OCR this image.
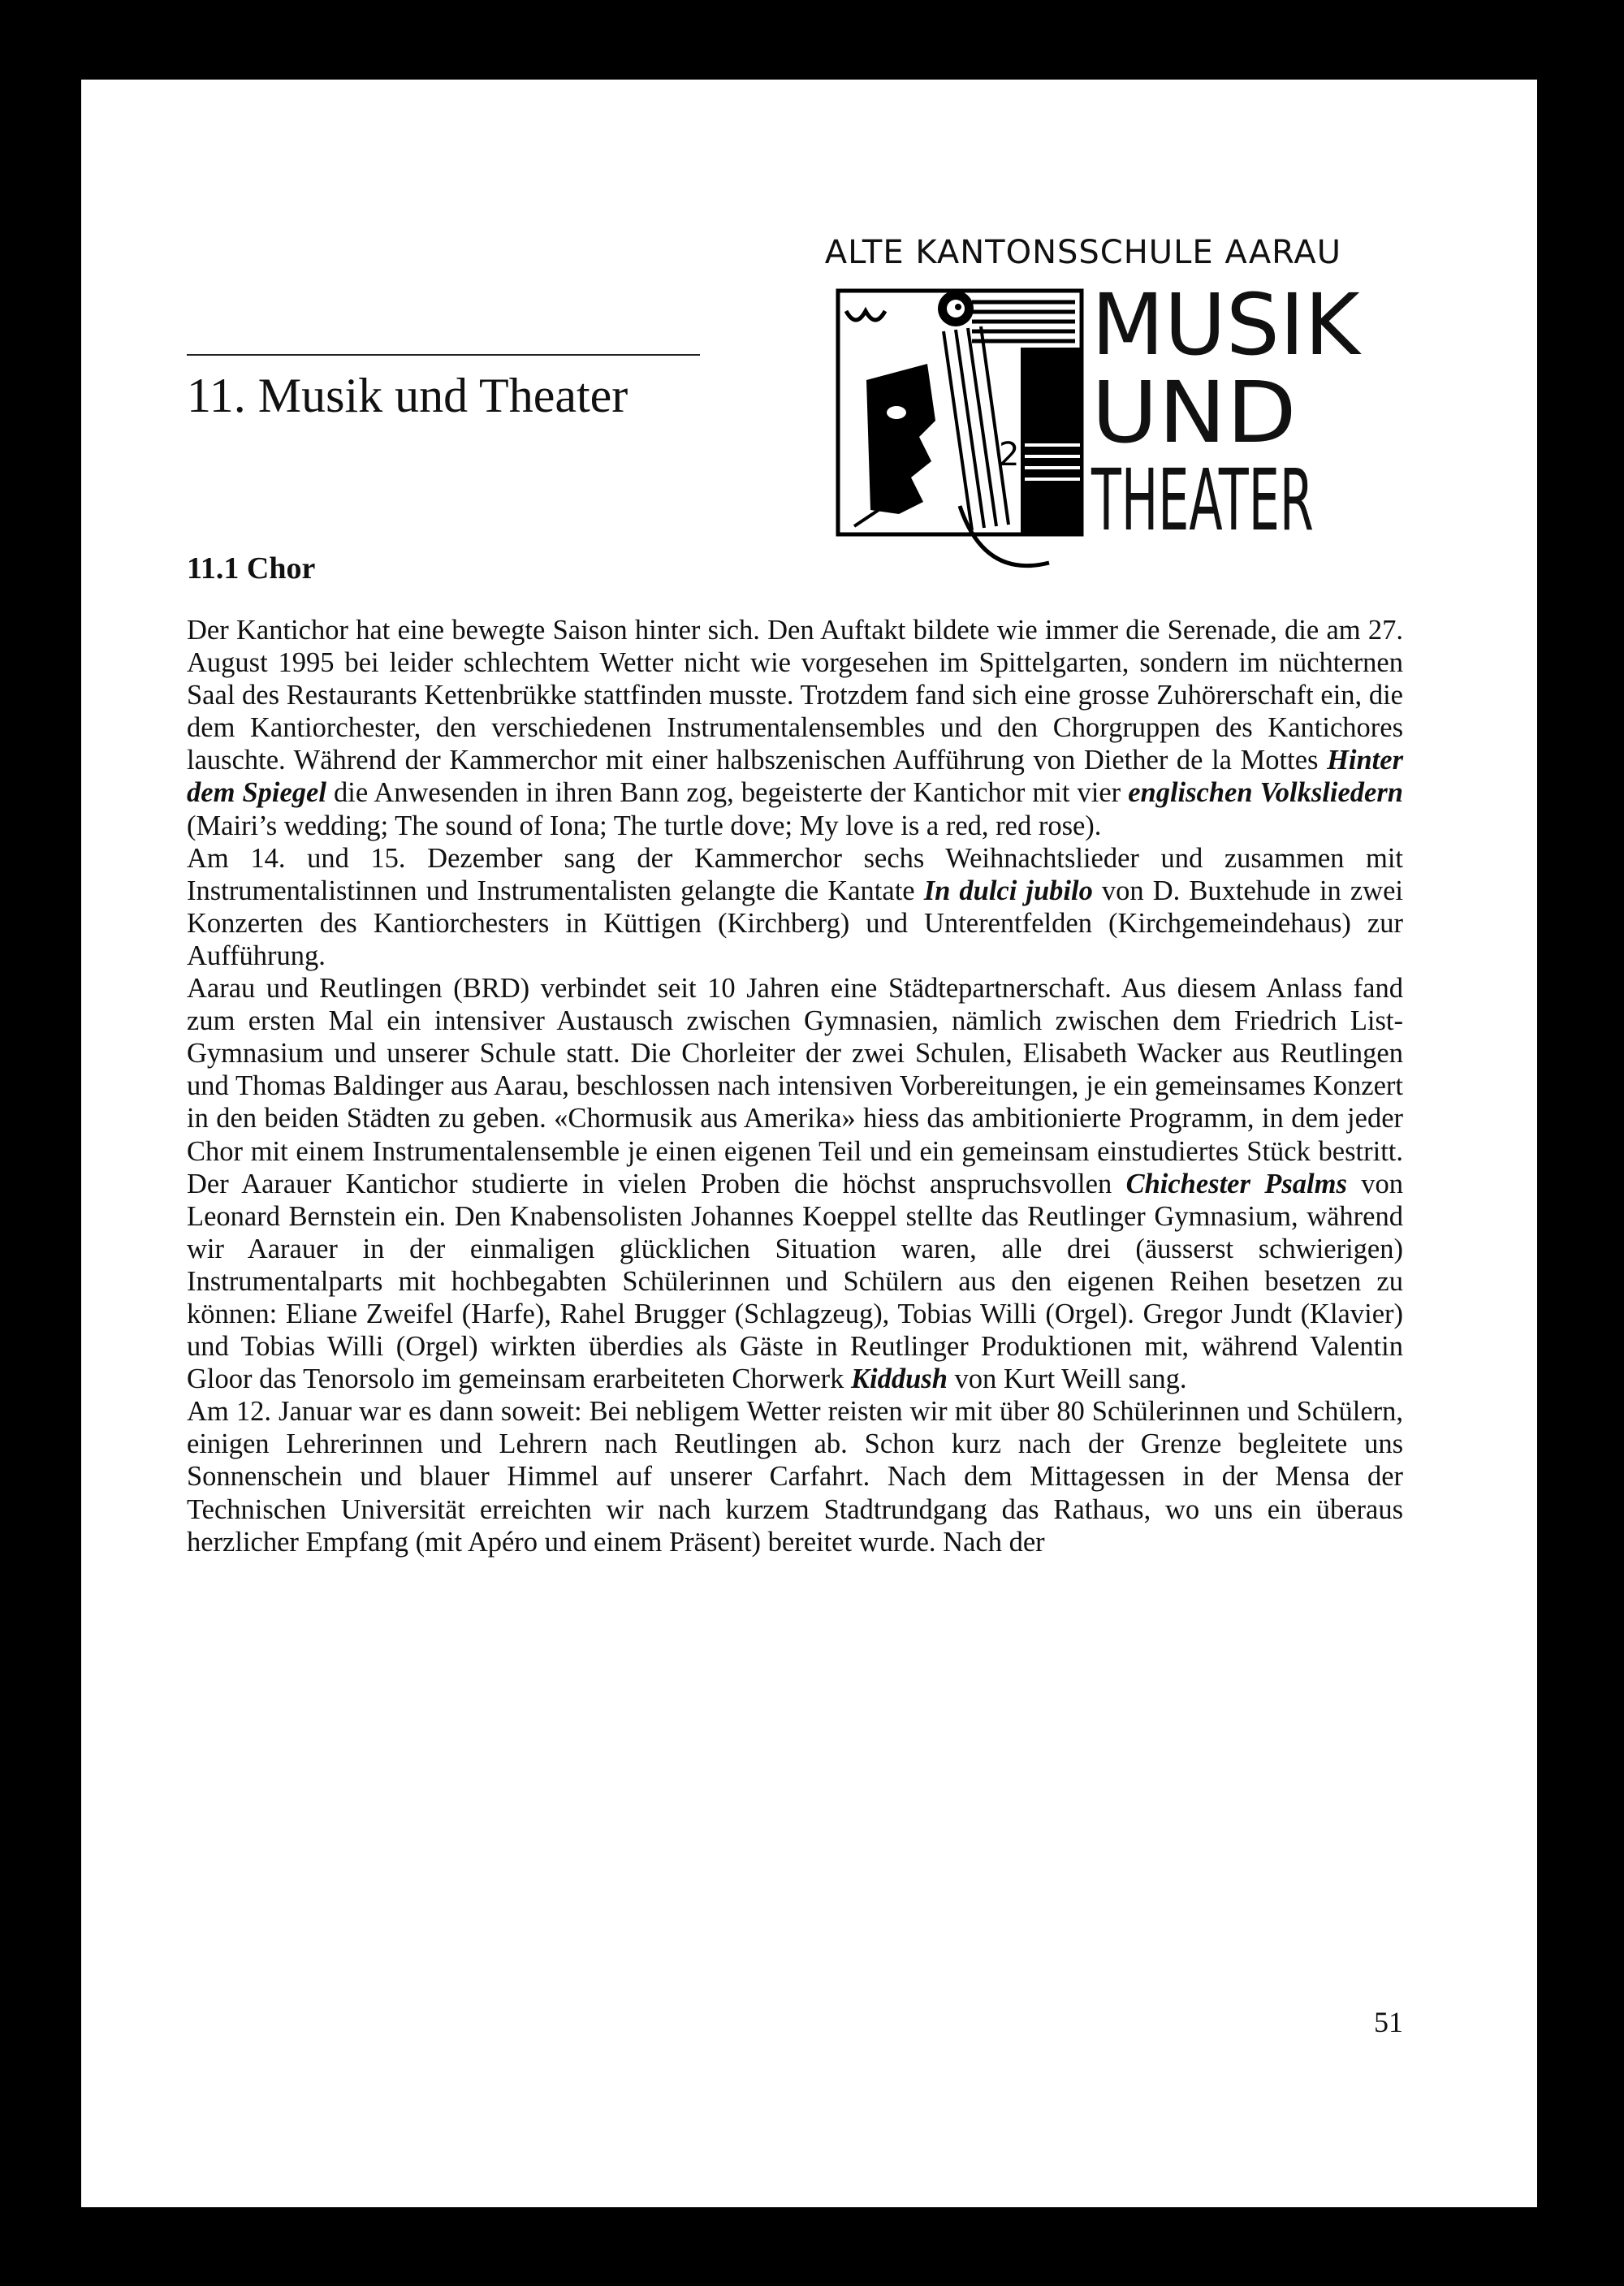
11. Musik und Theater
ALTE KANTONSSCHULE AARAU
2
MUSIK
UND
THEATER
11.1 Chor

Der Kantichor hat eine bewegte Saison hinter sich. Den Auftakt bildete wie immer die Serenade, die am 27. August 1995 bei leider schlechtem Wetter nicht wie vorgesehen im Spittelgarten, sondern im nüchternen Saal des Restaurants Kettenbrükke stattfinden musste. Trotzdem fand sich eine grosse Zuhörerschaft ein, die dem Kantiorchester, den verschiedenen Instrumentalensembles und den Chorgruppen des Kantichores lauschte. Während der Kammerchor mit einer halbszenischen Aufführung von Diether de la Mottes Hinter dem Spiegel die Anwesenden in ihren Bann zog, begeisterte der Kantichor mit vier englischen Volksliedern (Mairi’s wedding; The sound of Iona; The turtle dove; My love is a red, red rose).

Am 14. und 15. Dezember sang der Kammerchor sechs Weihnachtslieder und zusammen mit Instrumentalistinnen und Instrumentalisten gelangte die Kantate In dulci jubilo von D. Buxtehude in zwei Konzerten des Kantiorchesters in Küttigen (Kirchberg) und Unterentfelden (Kirchgemeindehaus) zur Aufführung.

Aarau und Reutlingen (BRD) verbindet seit 10 Jahren eine Städtepartnerschaft. Aus diesem Anlass fand zum ersten Mal ein intensiver Austausch zwischen Gymnasien, nämlich zwischen dem Friedrich List-Gymnasium und unserer Schule statt. Die Chorleiter der zwei Schulen, Elisabeth Wacker aus Reutlingen und Thomas Baldinger aus Aarau, beschlossen nach intensiven Vorbereitungen, je ein gemeinsames Konzert in den beiden Städten zu geben. «Chormusik aus Amerika» hiess das ambitionierte Programm, in dem jeder Chor mit einem Instrumentalensemble je einen eigenen Teil und ein gemeinsam einstudiertes Stück bestritt. Der Aarauer Kantichor studierte in vielen Proben die höchst anspruchsvollen Chichester Psalms von Leonard Bernstein ein. Den Knabensolisten Johannes Koeppel stellte das Reutlinger Gymnasium, während wir Aarauer in der einmaligen glücklichen Situation waren, alle drei (äusserst schwierigen) Instrumentalparts mit hochbegabten Schülerinnen und Schülern aus den eigenen Reihen besetzen zu können: Eliane Zweifel (Harfe), Rahel Brugger (Schlagzeug), Tobias Willi (Orgel). Gregor Jundt (Klavier) und Tobias Willi (Orgel) wirkten überdies als Gäste in Reutlinger Produktionen mit, während Valentin Gloor das Tenorsolo im gemeinsam erarbeiteten Chorwerk Kiddush von Kurt Weill sang.

Am 12. Januar war es dann soweit: Bei nebligem Wetter reisten wir mit über 80 Schülerinnen und Schülern, einigen Lehrerinnen und Lehrern nach Reutlingen ab. Schon kurz nach der Grenze begleitete uns Sonnenschein und blauer Himmel auf unserer Carfahrt. Nach dem Mittagessen in der Mensa der Technischen Universität erreichten wir nach kurzem Stadtrundgang das Rathaus, wo uns ein überaus herzlicher Empfang (mit Apéro und einem Präsent) bereitet wurde. Nach der

51
